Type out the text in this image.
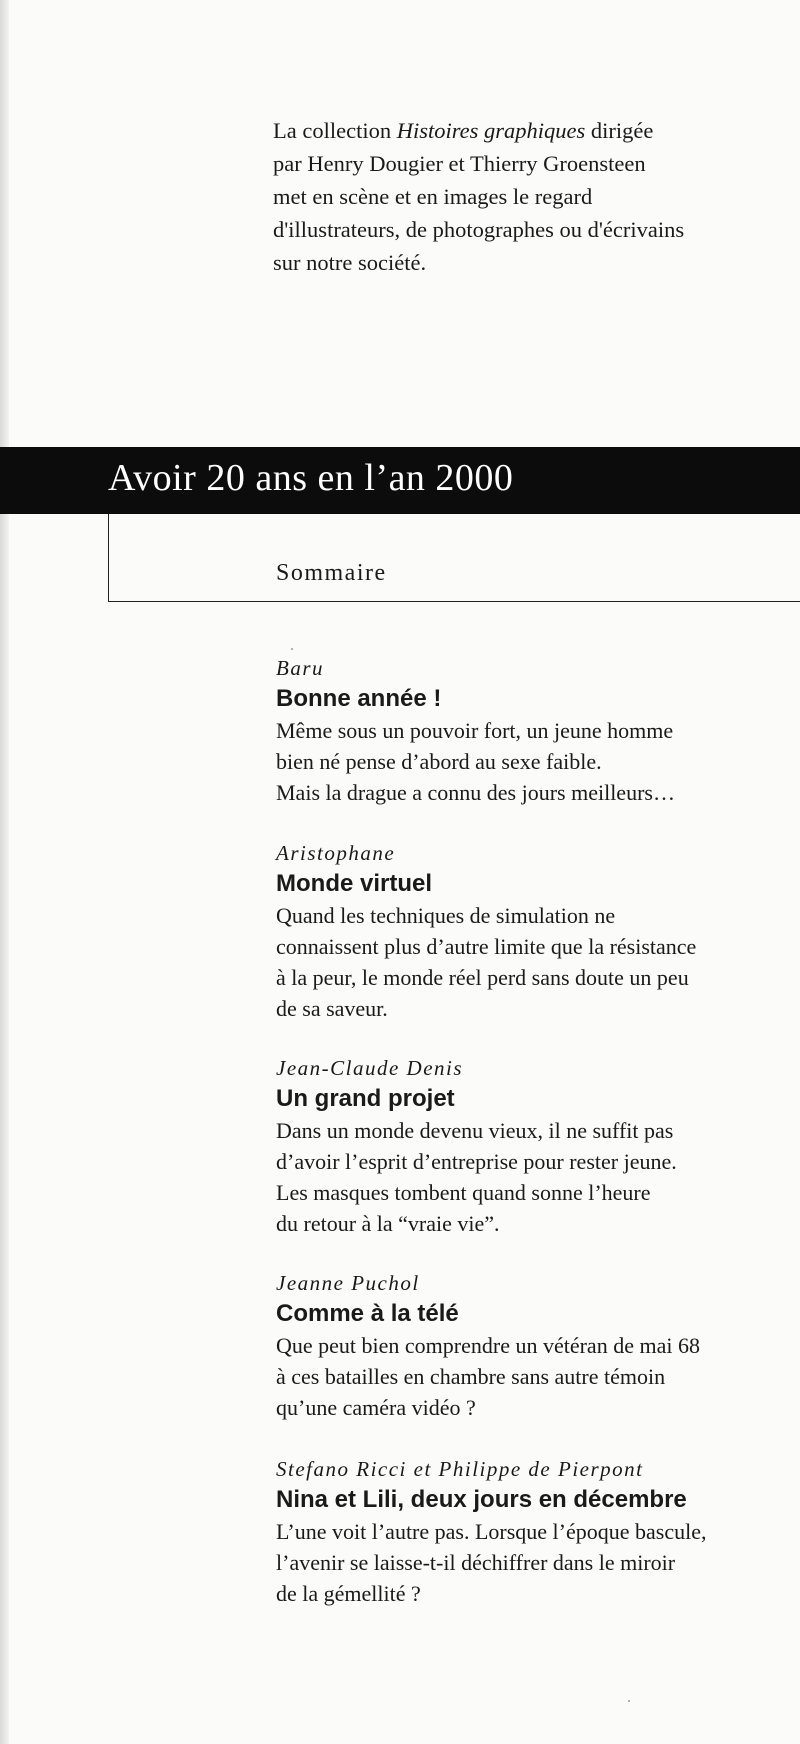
La collection Histoires graphiques dirigée
par Henry Dougier et Thierry Groensteen
met en scène et en images le regard
d'illustrateurs, de photographes ou d'écrivains
sur notre société.

Avoir 20 ans en l’an 2000
Sommaire
Baru
Bonne année !

Même sous un pouvoir fort, un jeune homme
bien né pense d’abord au sexe faible.
Mais la drague a connu des jours meilleurs…

Aristophane
Monde virtuel

Quand les techniques de simulation ne
connaissent plus d’autre limite que la résistance
à la peur, le monde réel perd sans doute un peu
de sa saveur.

Jean-Claude Denis
Un grand projet

Dans un monde devenu vieux, il ne suffit pas
d’avoir l’esprit d’entreprise pour rester jeune.
Les masques tombent quand sonne l’heure
du retour à la “vraie vie”.

Jeanne Puchol
Comme à la télé

Que peut bien comprendre un vétéran de mai 68
à ces batailles en chambre sans autre témoin
qu’une caméra vidéo ?

Stefano Ricci et Philippe de Pierpont
Nina et Lili, deux jours en décembre

L’une voit l’autre pas. Lorsque l’époque bascule,
l’avenir se laisse-t-il déchiffrer dans le miroir
de la gémellité ?
